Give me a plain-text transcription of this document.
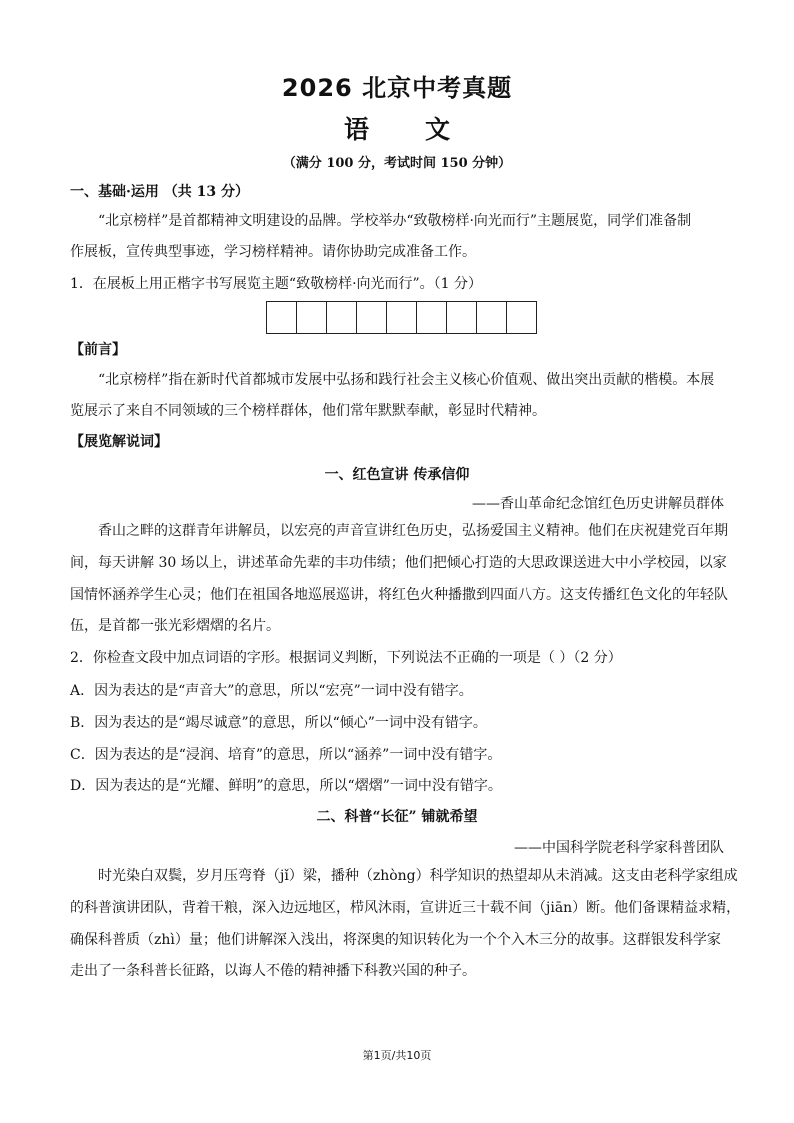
2026 北京中考真题
语 文
（满分 100 分，考试时间 150 分钟）
一、基础·运用 （共 13 分）
“北京榜样”是首都精神文明建设的品牌。学校举办“致敬榜样·向光而行”主题展览，同学们准备制
作展板，宣传典型事迹，学习榜样精神。请你协助完成准备工作。
1．在展板上用正楷字书写展览主题“致敬榜样·向光而行”。（1 分）
【前言】
“北京榜样”指在新时代首都城市发展中弘扬和践行社会主义核心价值观、做出突出贡献的楷模。本展
览展示了来自不同领域的三个榜样群体，他们常年默默奉献，彰显时代精神。
【展览解说词】
一、红色宣讲 传承信仰
——香山革命纪念馆红色历史讲解员群体
香山之畔的这群青年讲解员，以宏亮的声音宣讲红色历史，弘扬爱国主义精神。他们在庆祝建党百年期
间，每天讲解 30 场以上，讲述革命先辈的丰功伟绩；他们把倾心打造的大思政课送进大中小学校园，以家
国情怀涵养学生心灵；他们在祖国各地巡展巡讲，将红色火种播撒到四面八方。这支传播红色文化的年轻队
伍，是首都一张光彩熠熠的名片。
2．你检查文段中加点词语的字形。根据词义判断，下列说法不正确的一项是（ ）（2 分）
A．因为表达的是“声音大”的意思，所以“宏亮”一词中没有错字。
B．因为表达的是“竭尽诚意”的意思，所以“倾心”一词中没有错字。
C．因为表达的是“浸润、培育”的意思，所以“涵养”一词中没有错字。
D．因为表达的是“光耀、鲜明”的意思，所以“熠熠”一词中没有错字。
二、科普“长征” 铺就希望
——中国科学院老科学家科普团队
时光染白双鬓，岁月压弯脊（jǐ）梁，播种（zhòng）科学知识的热望却从未消减。这支由老科学家组成
的科普演讲团队，背着干粮，深入边远地区，栉风沐雨，宣讲近三十载不间（jiān）断。他们备课精益求精，
确保科普质（zhì）量；他们讲解深入浅出，将深奥的知识转化为一个个入木三分的故事。这群银发科学家
走出了一条科普长征路，以诲人不倦的精神播下科教兴国的种子。
第1页/共10页
